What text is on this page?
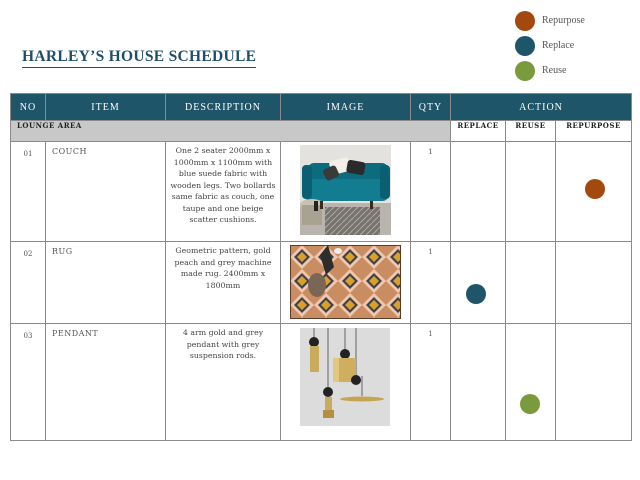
HARLEY’S HOUSE SCHEDULE
Repurpose
Replace
Reuse
NO	ITEM	DESCRIPTION	IMAGE	QTY	ACTION		
LOUNGE AREA					REPLACE	REUSE	REPURPOSE
01	COUCH	One 2 seater 2000mm x 1000mm x 1100mm with blue suede fabric with wooden legs. Two bollards same fabric as couch, one taupe and one beige scatter cushions.		1			

02	RUG	Geometric pattern, gold peach and grey machine made rug. 2400mm x 1800mm		1	

03	PENDANT	4 arm gold and grey pendant with grey suspension rods.		1		
